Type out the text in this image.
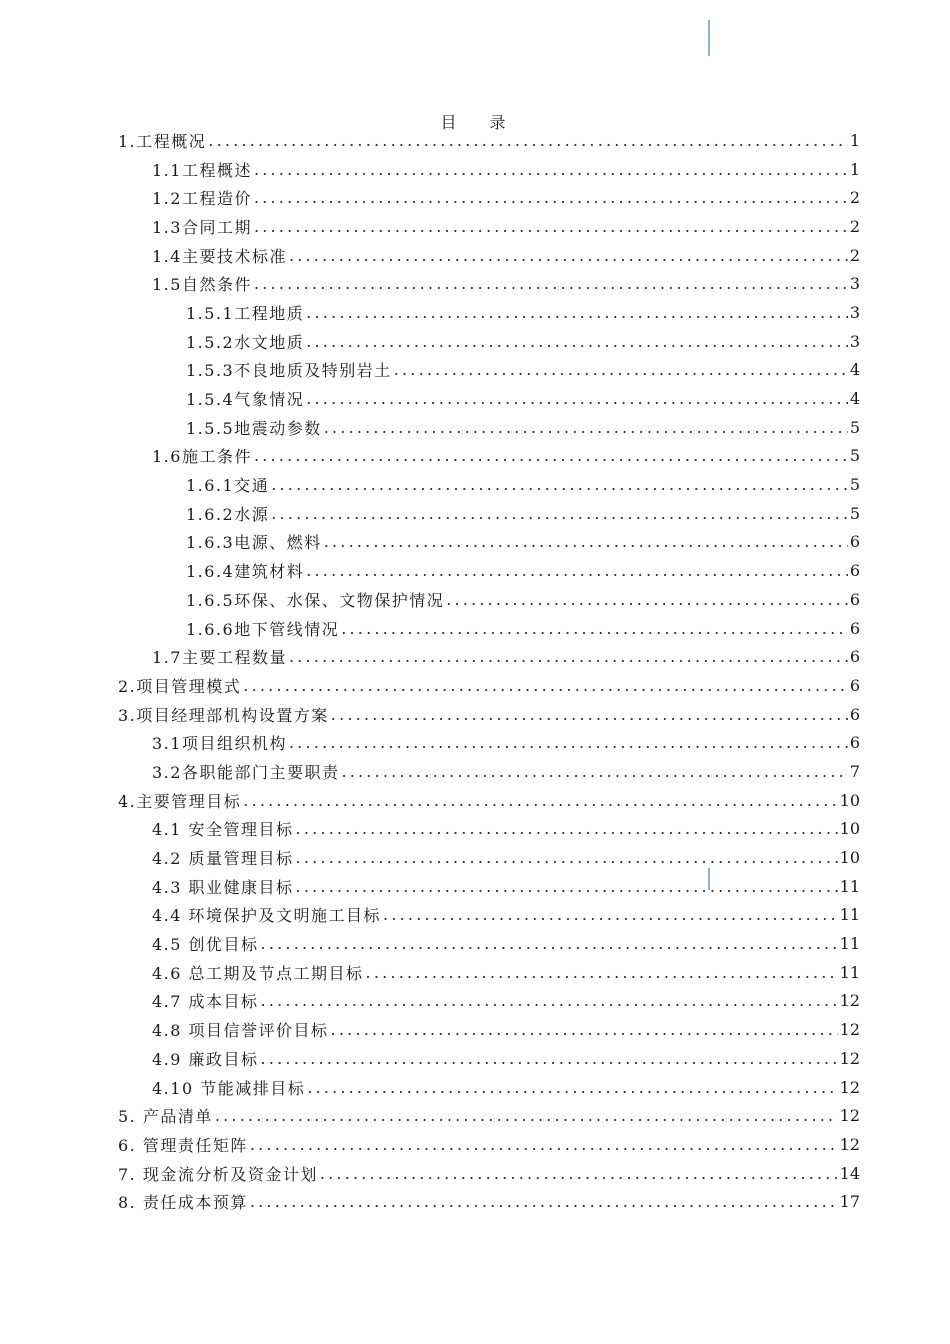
目 录
1.工程概况 .....	1
1.1工程概述 .....	1
1.2工程造价 .....	2
1.3合同工期 .....	2
1.4主要技术标准 .....	2
1.5自然条件 .....	3
1.5.1工程地质 .....	3
1.5.2水文地质 .....	3
1.5.3不良地质及特别岩土 .....	4
1.5.4气象情况 .....	4
1.5.5地震动参数 .....	5
1.6施工条件 .....	5
1.6.1交通 .....	5
1.6.2水源 .....	5
1.6.3电源、燃料 .....	6
1.6.4建筑材料 .....	6
1.6.5环保、水保、文物保护情况 .....	6
1.6.6地下管线情况 .....	6
1.7主要工程数量 .....	6
2.项目管理模式 .....	6
3.项目经理部机构设置方案 .....	6
3.1项目组织机构 .....	6
3.2各职能部门主要职责 .....	7
4.主要管理目标 .....	10
4.1 安全管理目标 .....	10
4.2 质量管理目标 .....	10
4.3 职业健康目标 .....	11
4.4 环境保护及文明施工目标 .....	11
4.5 创优目标 .....	11
4.6 总工期及节点工期目标 .....	11
4.7 成本目标 .....	12
4.8 项目信誉评价目标 .....	12
4.9 廉政目标 .....	12
4.10 节能减排目标 .....	12
5. 产品清单 .....	12
6. 管理责任矩阵 .....	12
7. 现金流分析及资金计划 .....	14
8. 责任成本预算 .....	17
